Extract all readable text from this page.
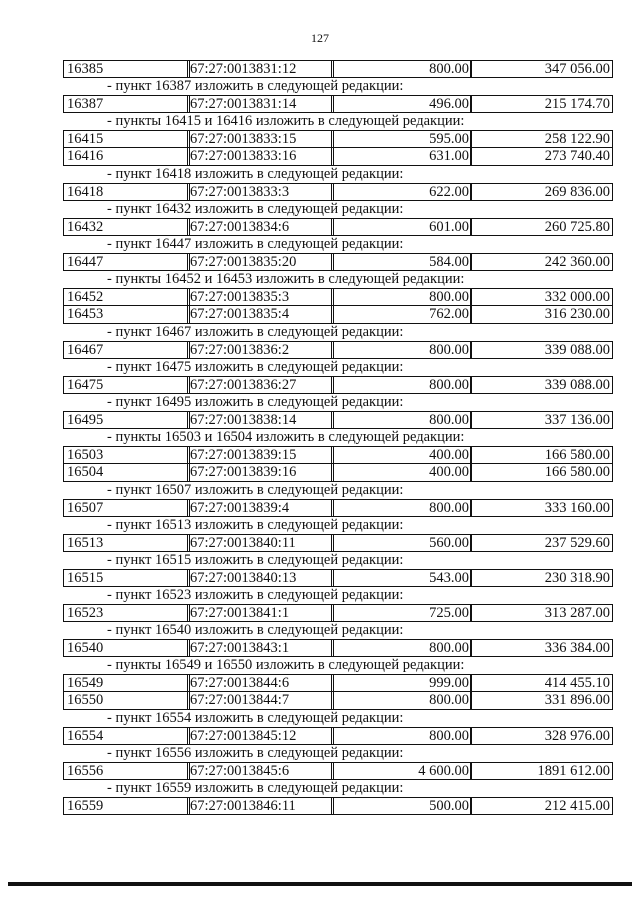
127
16385	67:27:0013831:12	800.00	347 056.00
- пункт 16387 изложить в следующей редакции:
16387	67:27:0013831:14	496.00	215 174.70
- пункты 16415 и 16416 изложить в следующей редакции:
16415	67:27:0013833:15	595.00	258 122.90
16416	67:27:0013833:16	631.00	273 740.40
- пункт 16418 изложить в следующей редакции:
16418	67:27:0013833:3	622.00	269 836.00
- пункт 16432 изложить в следующей редакции:
16432	67:27:0013834:6	601.00	260 725.80
- пункт 16447 изложить в следующей редакции:
16447	67:27:0013835:20	584.00	242 360.00
- пункты 16452 и 16453 изложить в следующей редакции:
16452	67:27:0013835:3	800.00	332 000.00
16453	67:27:0013835:4	762.00	316 230.00
- пункт 16467 изложить в следующей редакции:
16467	67:27:0013836:2	800.00	339 088.00
- пункт 16475 изложить в следующей редакции:
16475	67:27:0013836:27	800.00	339 088.00
- пункт 16495 изложить в следующей редакции:
16495	67:27:0013838:14	800.00	337 136.00
- пункты 16503 и 16504 изложить в следующей редакции:
16503	67:27:0013839:15	400.00	166 580.00
16504	67:27:0013839:16	400.00	166 580.00
- пункт 16507 изложить в следующей редакции:
16507	67:27:0013839:4	800.00	333 160.00
- пункт 16513 изложить в следующей редакции:
16513	67:27:0013840:11	560.00	237 529.60
- пункт 16515 изложить в следующей редакции:
16515	67:27:0013840:13	543.00	230 318.90
- пункт 16523 изложить в следующей редакции:
16523	67:27:0013841:1	725.00	313 287.00
- пункт 16540 изложить в следующей редакции:
16540	67:27:0013843:1	800.00	336 384.00
- пункты 16549 и 16550 изложить в следующей редакции:
16549	67:27:0013844:6	999.00	414 455.10
16550	67:27:0013844:7	800.00	331 896.00
- пункт 16554 изложить в следующей редакции:
16554	67:27:0013845:12	800.00	328 976.00
- пункт 16556 изложить в следующей редакции:
16556	67:27:0013845:6	4 600.00	1891 612.00
- пункт 16559 изложить в следующей редакции:
16559	67:27:0013846:11	500.00	212 415.00
